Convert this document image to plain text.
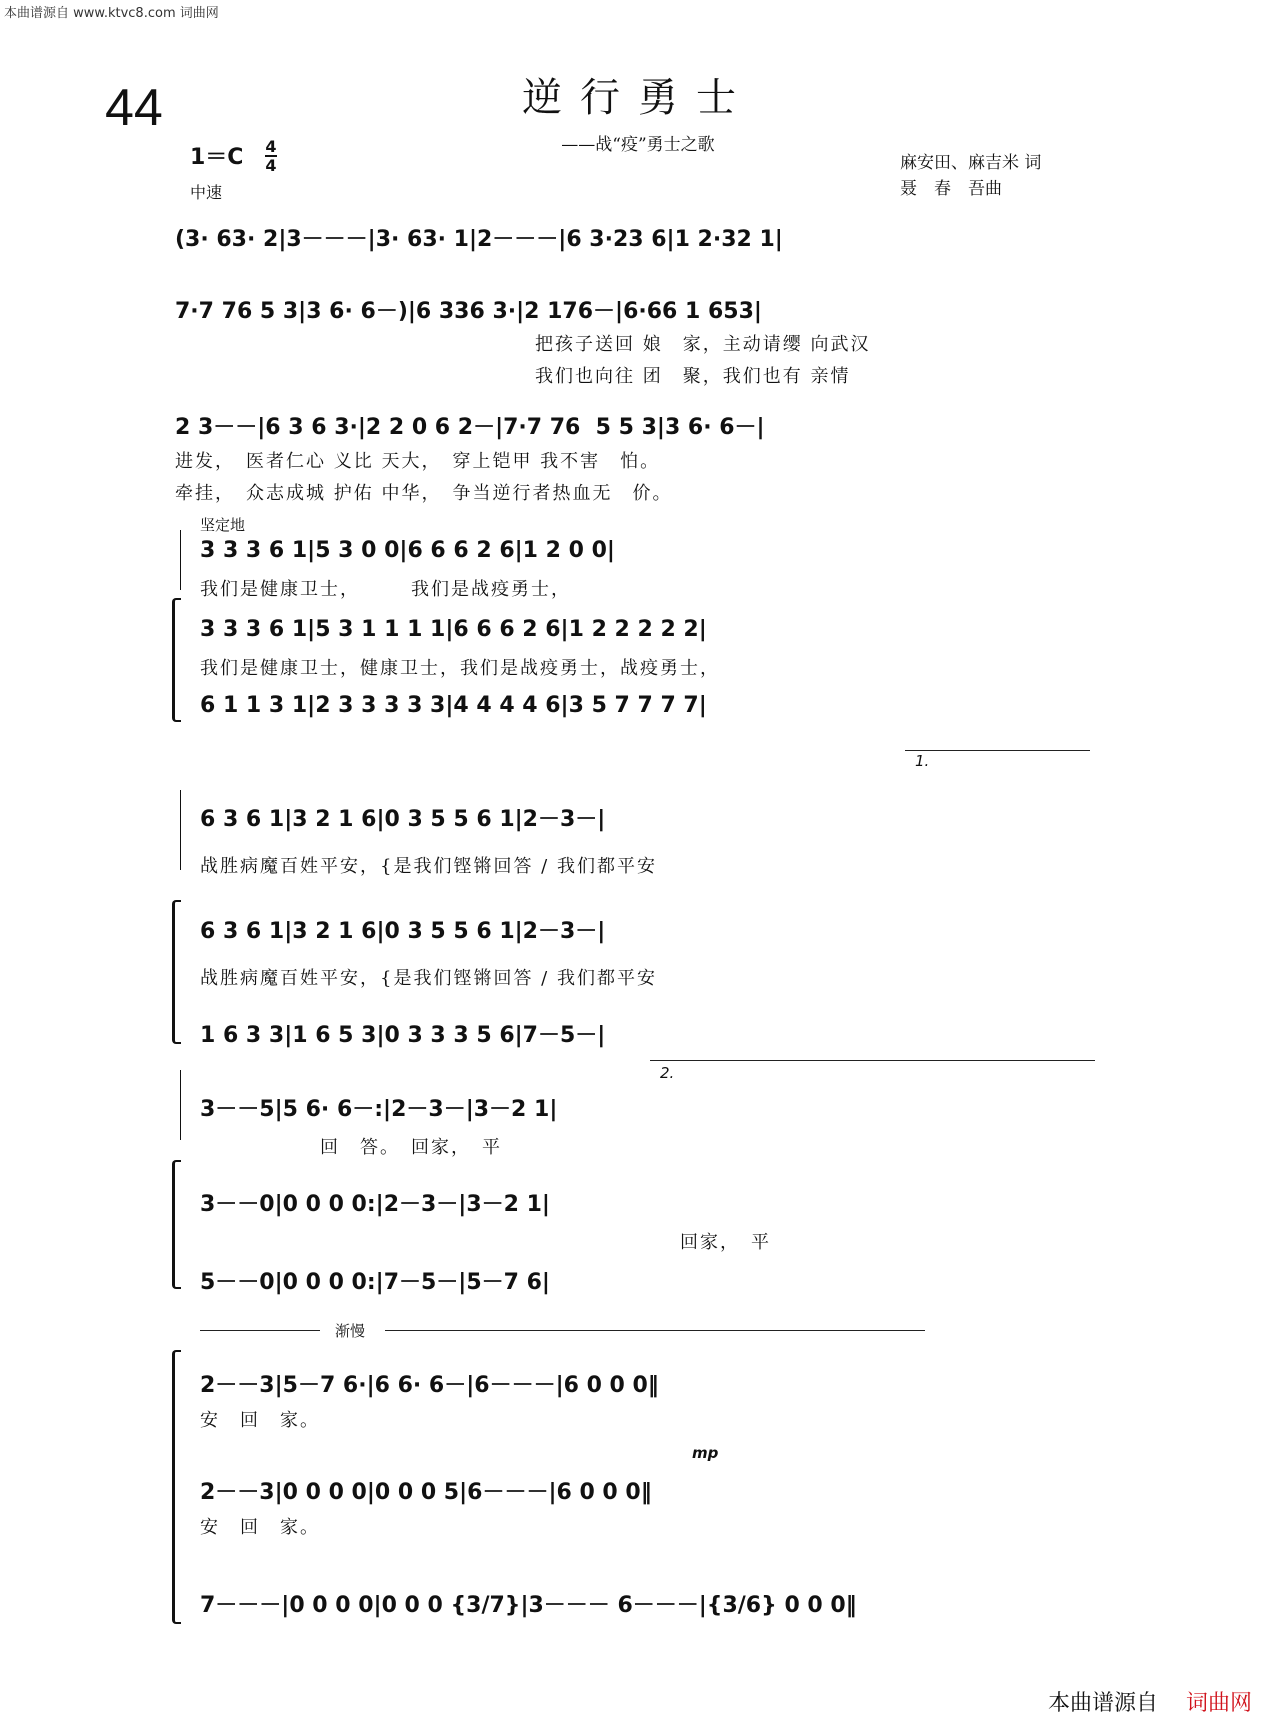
本曲谱源自 www.ktvc8.com 词曲网
44	逆行勇士
——战“疫”勇士之歌
1＝C 4
4
中速
麻安田、麻吉米 词
聂　春　吾曲
(3· 63· 2|3－－－|3· 63· 1|2－－－|6 3·23 6|1 2·32 1|
7·7 76 5 3|3 6· 6－)|6 336 3·|2 176－|6·66 1 653|
把孩子送回 娘　家，主动请缨 向武汉
我们也向往 团　聚，我们也有 亲情
2 3－－|6 3 6 3·|2 2 0 6 2－|7·7 76  5 5 3|3 6· 6－|
进发，　医者仁心 义比 天大，　穿上铠甲 我不害　怕。
牵挂，　众志成城 护佑 中华，　争当逆行者热血无　价。
坚定地
3 3 3 6 1|5 3 0 0|6 6 6 2 6|1 2 0 0|
我们是健康卫士，　　　我们是战疫勇士，
3 3 3 6 1|5 3 1 1 1 1|6 6 6 2 6|1 2 2 2 2 2|
我们是健康卫士，健康卫士，我们是战疫勇士，战疫勇士，
6 1 1 3 1|2 3 3 3 3 3|4 4 4 4 6|3 5 7 7 7 7|
1.
6 3 6 1|3 2 1 6|0 3 5 5 6 1|2－3－|
战胜病魔百姓平安，{是我们铿锵回答 / 我们都平安
6 3 6 1|3 2 1 6|0 3 5 5 6 1|2－3－|
战胜病魔百姓平安，{是我们铿锵回答 / 我们都平安
1 6 3 3|1 6 5 3|0 3 3 3 5 6|7－5－|
2.
3－－5|5 6· 6－:|2－3－|3－2 1|
回　答。　回家，　平
3－－0|0 0 0 0:|2－3－|3－2 1|
回家，　平
5－－0|0 0 0 0:|7－5－|5－7 6|
渐慢
2－－3|5－7 6·|6 6· 6－|6－－－|6 0 0 0‖
安　回　家。
mp
2－－3|0 0 0 0|0 0 0 5|6－－－|6 0 0 0‖
安　回　家。
7－－－|0 0 0 0|0 0 0 {3/7}|3－－－ 6－－－|{3/6} 0 0 0‖
本曲谱源自 词曲网
